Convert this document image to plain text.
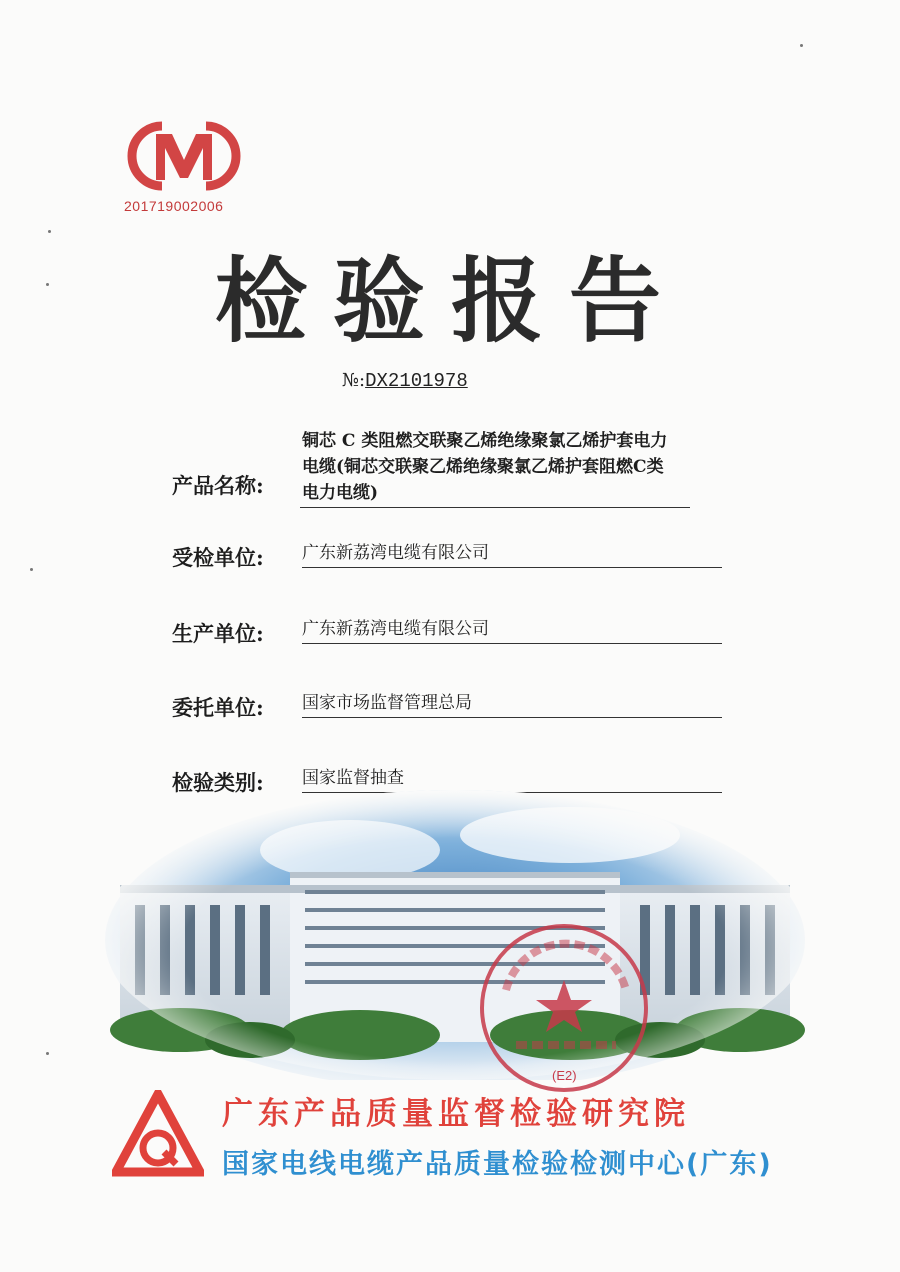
201719002006
检验报告
№:DX2101978
产品名称:
铜芯 C 类阻燃交联聚乙烯绝缘聚氯乙烯护套电力
电缆(铜芯交联聚乙烯绝缘聚氯乙烯护套阻燃C类
电力电缆)
受检单位: 广东新荔湾电缆有限公司
生产单位: 广东新荔湾电缆有限公司
委托单位: 国家市场监督管理总局
检验类别: 国家监督抽查
(E2)
广东产品质量监督检验研究院
国家电线电缆产品质量检验检测中心(广东)
